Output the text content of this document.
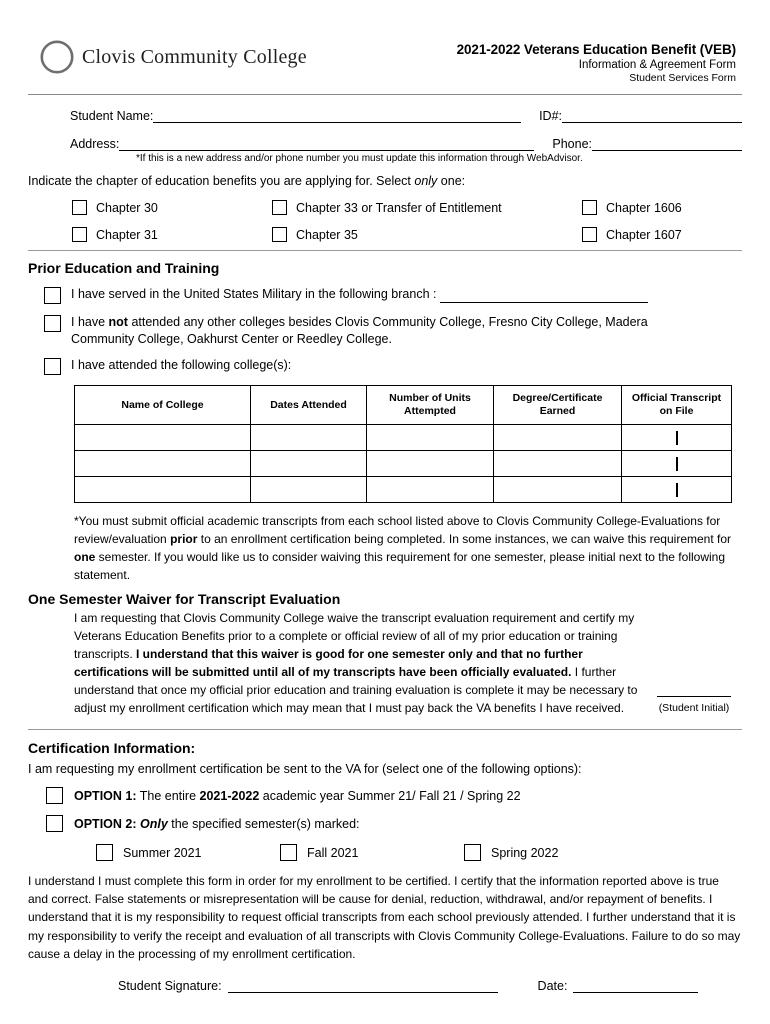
Clovis Community College	2021-2022 Veterans Education Benefit (VEB)
Information & Agreement Form
Student Services Form
Student Name:	ID#:
Address:	Phone:
*If this is a new address and/or phone number you must update this information through WebAdvisor.
Indicate the chapter of education benefits you are applying for. Select only one:
Chapter 30	Chapter 33 or Transfer of Entitlement	Chapter 1606
Chapter 31	Chapter 35	Chapter 1607
Prior Education and Training
I have served in the United States Military in the following branch :
I have not attended any other colleges besides Clovis Community College, Fresno City College, Madera Community College, Oakhurst Center or Reedley College.
I have attended the following college(s):
Name of College	Dates Attended	Number of Units Attempted	Degree/Certificate Earned	Official Transcript on File

*You must submit official academic transcripts from each school listed above to Clovis Community College-Evaluations for review/evaluation prior to an enrollment certification being completed. In some instances, we can waive this requirement for one semester. If you would like us to consider waiving this requirement for one semester, please initial next to the following statement.
One Semester Waiver for Transcript Evaluation
I am requesting that Clovis Community College waive the transcript evaluation requirement and certify my Veterans Education Benefits prior to a complete or official review of all of my prior education or training transcripts. I understand that this waiver is good for one semester only and that no further certifications will be submitted until all of my transcripts have been officially evaluated. I further understand that once my official prior education and training evaluation is complete it may be necessary to adjust my enrollment certification which may mean that I must pay back the VA benefits I have received.	(Student Initial)
Certification Information:
I am requesting my enrollment certification be sent to the VA for (select one of the following options):
OPTION 1: The entire 2021-2022 academic year Summer 21/ Fall 21 / Spring 22
OPTION 2: Only the specified semester(s) marked:
Summer 2021	Fall 2021	Spring 2022
I understand I must complete this form in order for my enrollment to be certified. I certify that the information reported above is true and correct. False statements or misrepresentation will be cause for denial, reduction, withdrawal, and/or repayment of benefits. I understand that it is my responsibility to request official transcripts from each school previously attended. I further understand that it is my responsibility to verify the receipt and evaluation of all transcripts with Clovis Community College-Evaluations. Failure to do so may cause a delay in the processing of my enrollment certification.
Student Signature:	Date:
